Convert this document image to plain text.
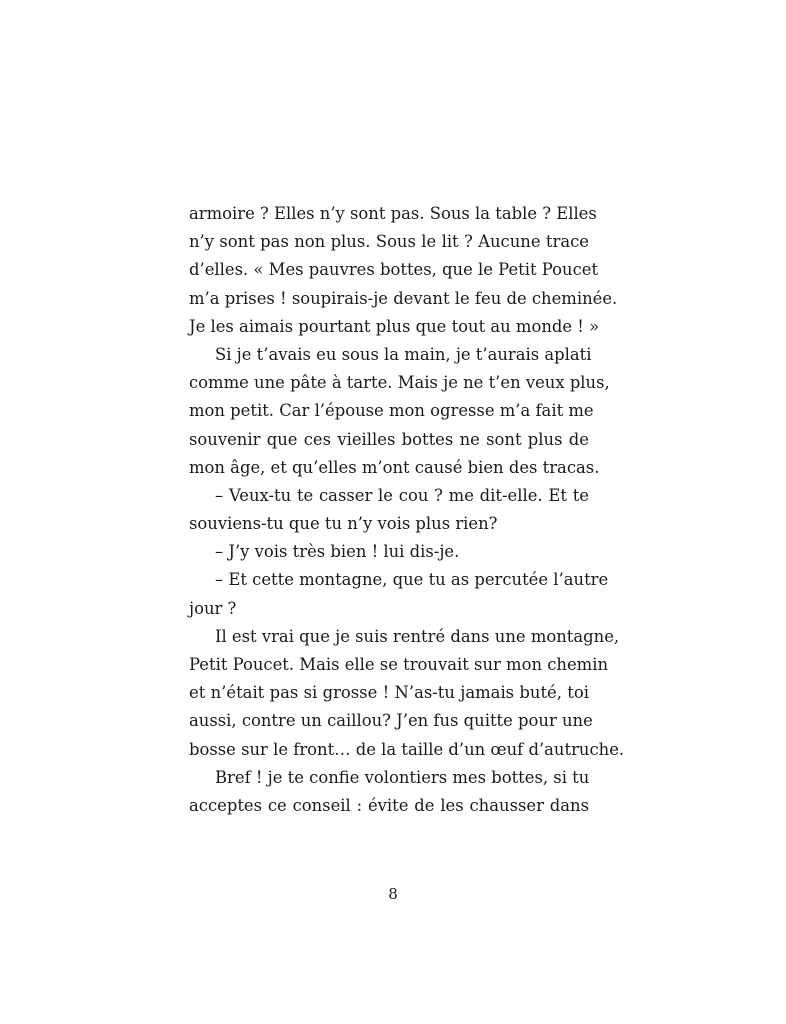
armoire ? Elles n’y sont pas. Sous la table ? Elles
n’y sont pas non plus. Sous le lit ? Aucune trace
d’elles. « Mes pauvres bottes, que le Petit Poucet
m’a prises ! soupirais-je devant le feu de cheminée.
Je les aimais pourtant plus que tout au monde ! »
Si je t’avais eu sous la main, je t’aurais aplati
comme une pâte à tarte. Mais je ne t’en veux plus,
mon petit. Car l’épouse mon ogresse m’a fait me
souvenir que ces vieilles bottes ne sont plus de
mon âge, et qu’elles m’ont causé bien des tracas.
– Veux-tu te casser le cou ? me dit-elle. Et te
souviens-tu que tu n’y vois plus rien?
– J’y vois très bien ! lui dis-je.
– Et cette montagne, que tu as percutée l’autre
jour ?
Il est vrai que je suis rentré dans une montagne,
Petit Poucet. Mais elle se trouvait sur mon chemin
et n’était pas si grosse ! N’as-tu jamais buté, toi
aussi, contre un caillou? J’en fus quitte pour une
bosse sur le front… de la taille d’un œuf d’autruche.
Bref ! je te confie volontiers mes bottes, si tu
acceptes ce conseil : évite de les chausser dans
8
